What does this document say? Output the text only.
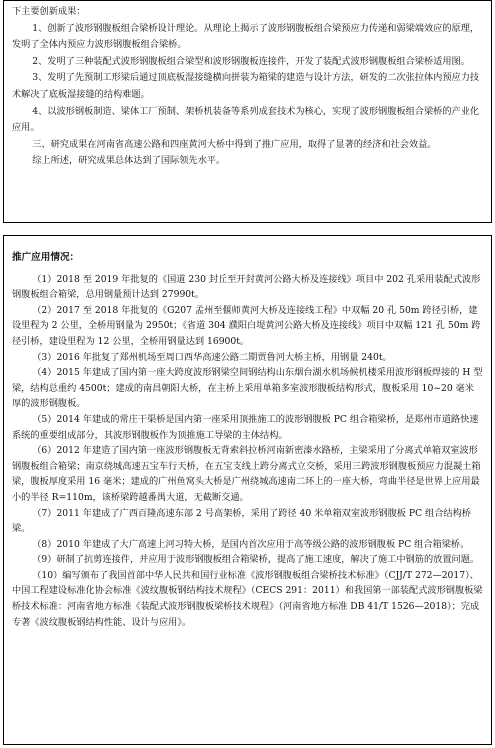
下主要创新成果：

1、创新了波形钢腹板组合梁桥设计理论。从理论上揭示了波形钢腹板组合梁预应力传递和弱梁端效应的原理，发明了全体内预应力波形钢腹板组合梁桥。

2、发明了三种装配式波形钢腹板组合梁型和波形钢腹板连接件，开发了装配式波形钢腹板组合梁桥适用图。

3、发明了先预制工形梁后通过顶底板湿接缝横向拼装为箱梁的建造与设计方法，研发的二次张拉体内预应力技术解决了底板湿接缝的结构难题。

4、以波形钢板制造、梁体工厂预制、架桥机装备等系列成套技术为核心，实现了波形钢腹板组合梁桥的产业化应用。

三、研究成果在河南省高速公路和四座黄河大桥中得到了推广应用，取得了显著的经济和社会效益。

综上所述，研究成果总体达到了国际领先水平。

推广应用情况：

（1）2018 至 2019 年批复的《国道 230 封丘至开封黄河公路大桥及连接线》项目中 202 孔采用装配式波形钢腹板组合箱梁，总用钢量预计达到 27990t。

（2）2017 至 2018 年批复的《G207 孟州至偃师黄河大桥及连接线工程》中双幅 20 孔 50m 跨径引桥，建设里程为 2 公里，全桥用钢量为 2950t；《省道 304 濮阳白堤黄河公路大桥及连接线》项目中双幅 121 孔 50m 跨径引桥，建设里程为 12 公里，全桥用钢量达到 16900t。

（3）2016 年批复了郑州机场至周口西华高速公路二期贾鲁河大桥主桥，用钢量 240t。

（4）2015 年建成了国内第一座大跨度波形钢梁空间钢结构山东烟台湖水机场候机楼采用波形钢板焊接的 H 型梁，结构总重约 4500t；建成的南昌朝阳大桥，在主桥上采用单箱多室波形腹板结构形式，腹板采用 10~20 毫米厚的波形钢腹板。

（5）2014 年建成的常庄干渠桥是国内第一座采用顶推施工的波形钢腹板 PC 组合箱梁桥，是郑州市道路快速系统的重要组成部分，其波形钢腹板作为顶推施工导梁的主体结构。

（6）2012 年建造了国内第一座波形钢腹板无背索斜拉桥河南新密溱水路桥，主梁采用了分离式单箱双室波形钢腹板组合箱梁；南京绕城高速五宝车行天桥，在五宝支线上跨分离式立交桥，采用三跨波形钢腹板预应力混凝土箱梁，腹板厚度采用 16 毫米；建成的广州鱼窝头大桥是广州绕城高速南二环上的一座大桥，弯曲半径是世界上应用最小的半径 R=110m，该桥梁跨越番禺大道，无截断交通。

（7）2011 年建成了广西百隆高速东部 2 号高架桥，采用了跨径 40 米单箱双室波形钢腹板 PC 组合结构桥梁。

（8）2010 年建成了大广高速上河习特大桥，是国内首次应用于高等级公路的波形钢腹板 PC 组合箱梁桥。

（9）研制了抗剪连接件，并应用于波形钢腹板组合箱梁桥，提高了施工速度，解决了施工中钢筋的放置问题。

（10）编写颁布了我国首部中华人民共和国行业标准《波形钢腹板组合梁桥技术标准》（CJJ/T 272—2017）、中国工程建设标准化协会标准《波纹腹板钢结构技术规程》（CECS 291：2011）和我国第一部装配式波形钢腹板梁桥技术标准：河南省地方标准《装配式波形钢腹板梁桥技术规程》（河南省地方标准 DB 41/T 1526—2018）；完成专著《波纹腹板钢结构性能、设计与应用》。
